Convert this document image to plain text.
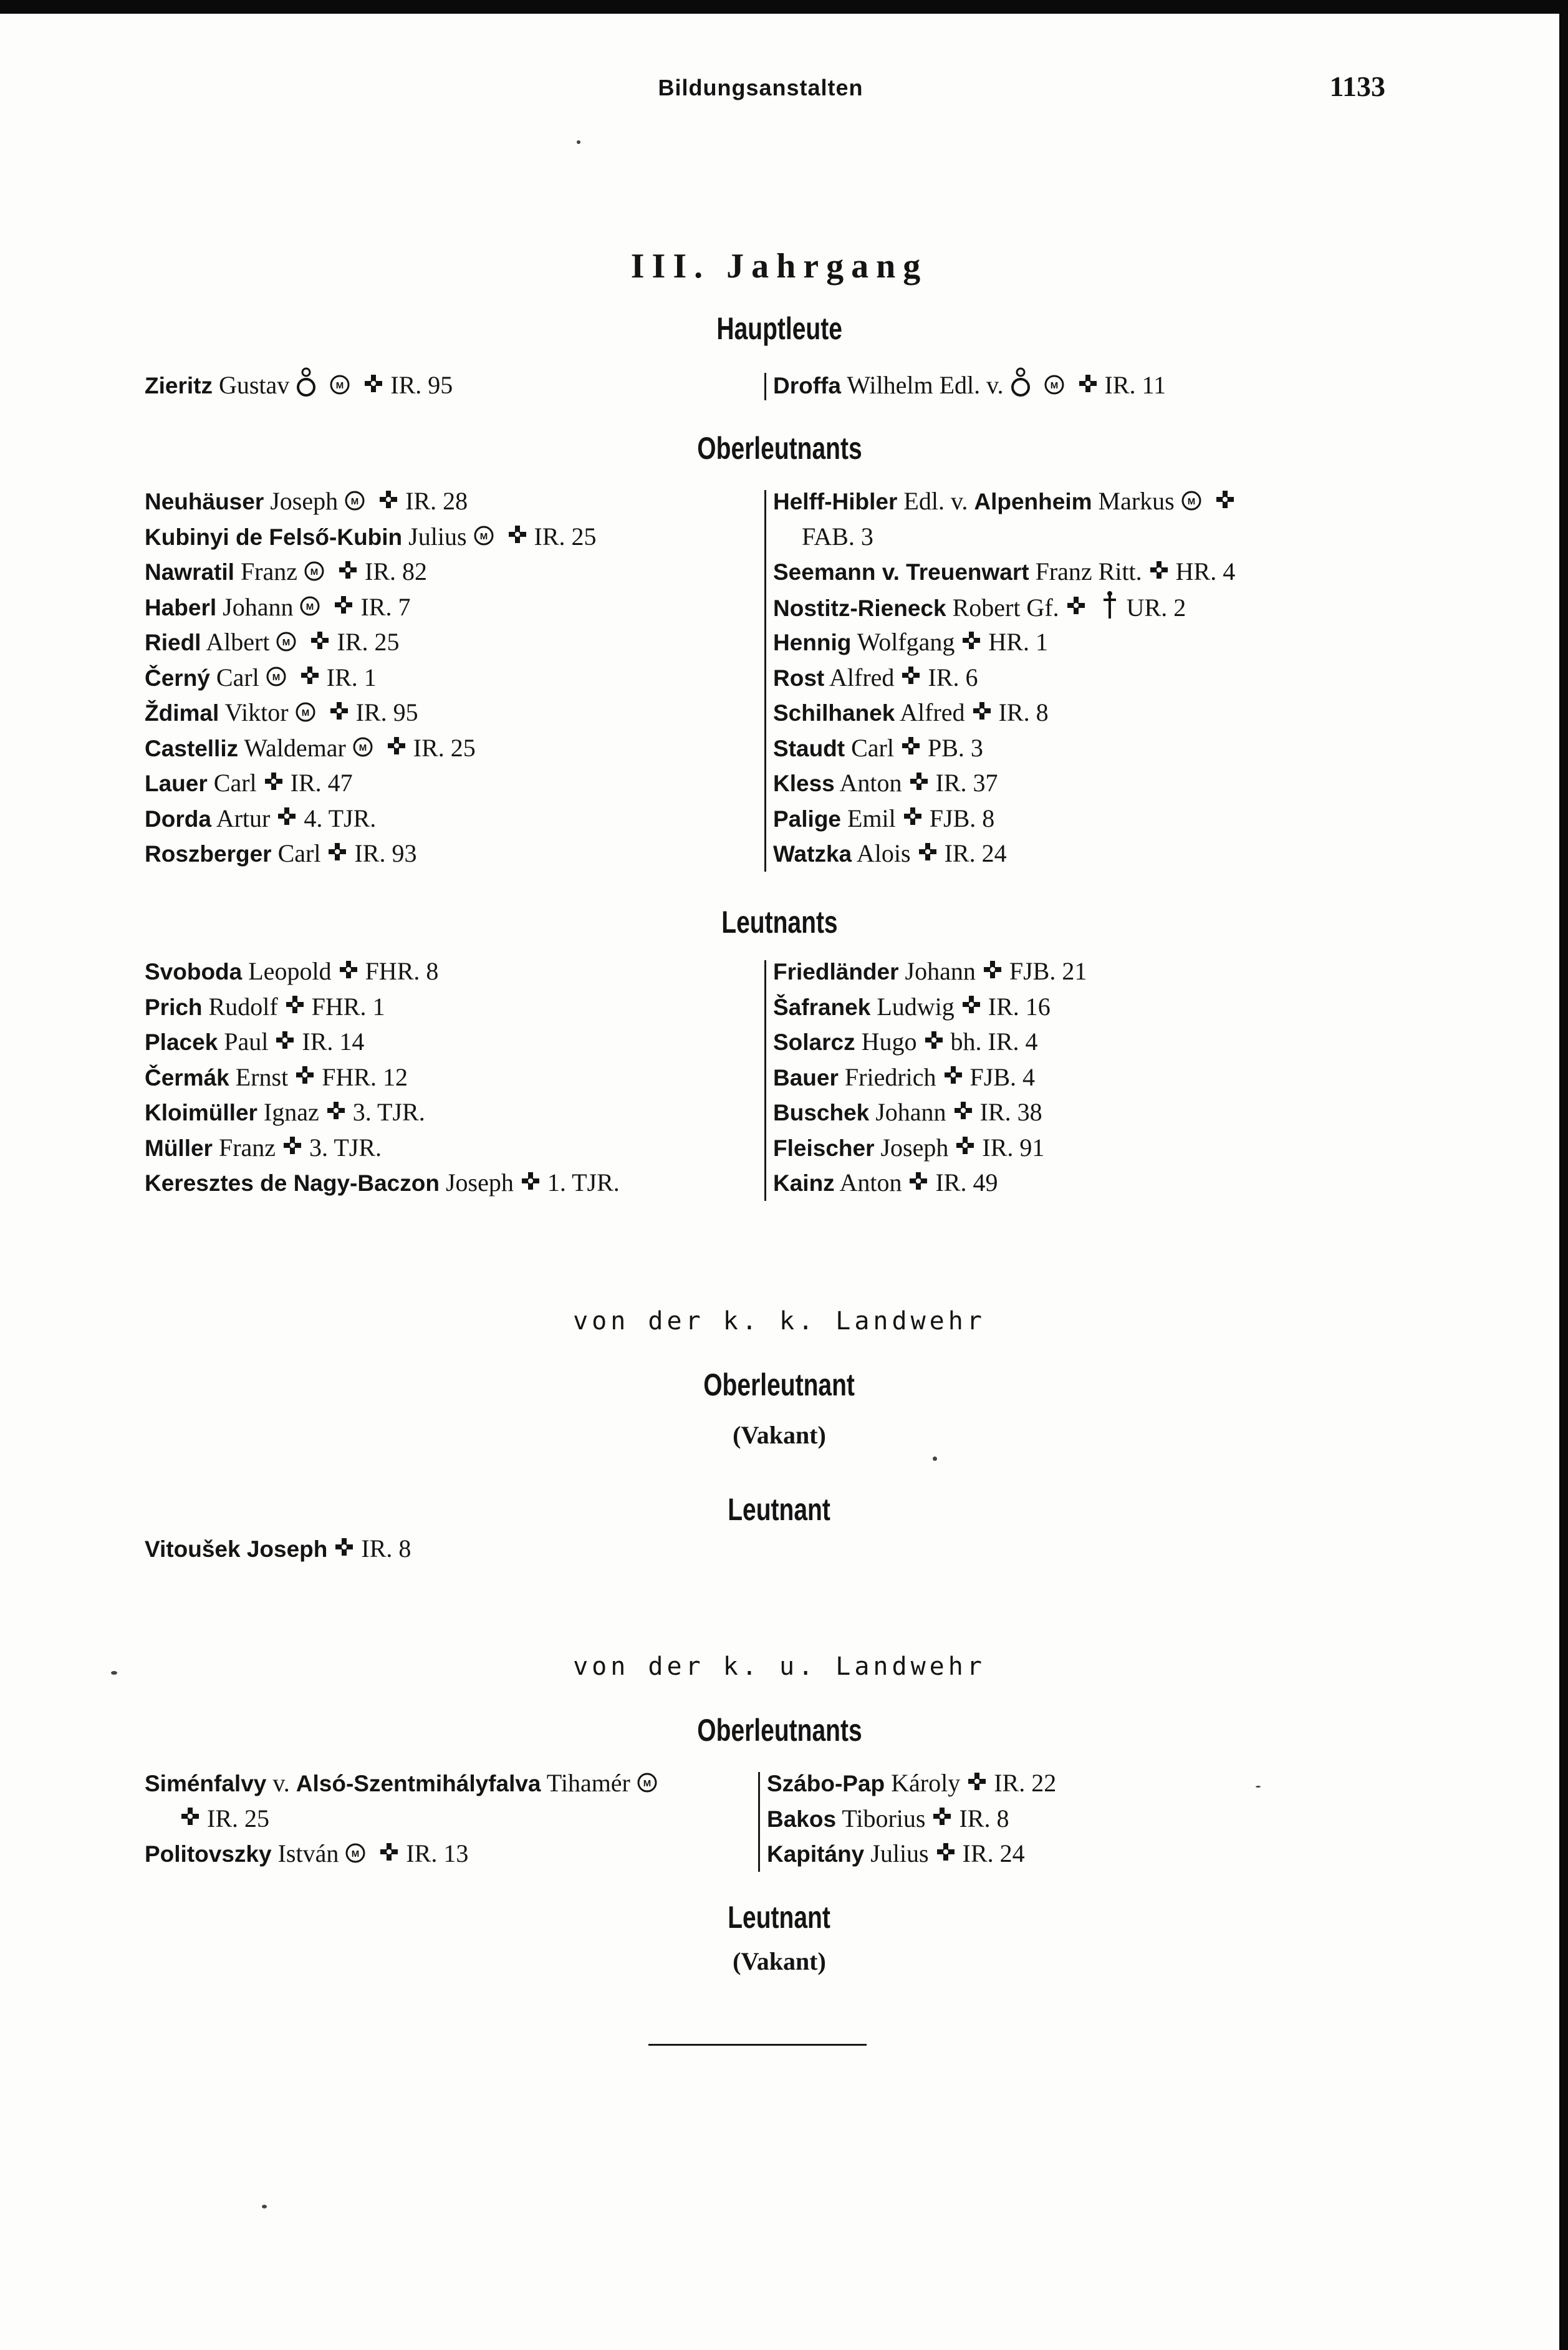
Bildungsanstalten	1133
III. Jahrgang
Hauptleute
Zieritz Gustav	M IR. 95	Droffa Wilhelm Edl. v.	M IR. 11
Oberleutnants
Neuhäuser Joseph M IR. 28
Kubinyi de Felső-Kubin Julius M IR. 25
Nawratil Franz M IR. 82
Haberl Johann M IR. 7
Riedl Albert M IR. 25
Černý Carl M IR. 1
Ždimal Viktor M IR. 95
Castelliz Waldemar M IR. 25
Lauer Carl IR. 47
Dorda Artur 4. TJR.
Roszberger Carl IR. 93
Helff-Hibler Edl. v. Alpenheim Markus M
FAB. 3
Seemann v. Treuenwart Franz Ritt. HR. 4
Nostitz-Rieneck Robert Gf.	UR. 2
Hennig Wolfgang HR. 1
Rost Alfred IR. 6
Schilhanek Alfred IR. 8
Staudt Carl PB. 3
Kless Anton IR. 37
Palige Emil FJB. 8
Watzka Alois IR. 24
Leutnants
Svoboda Leopold FHR. 8
Prich Rudolf FHR. 1
Placek Paul IR. 14
Čermák Ernst FHR. 12
Kloimüller Ignaz 3. TJR.
Müller Franz 3. TJR.
Keresztes de Nagy-Baczon Joseph 1. TJR.
Friedländer Johann FJB. 21
Šafranek Ludwig IR. 16
Solarcz Hugo bh. IR. 4
Bauer Friedrich FJB. 4
Buschek Johann IR. 38
Fleischer Joseph IR. 91
Kainz Anton IR. 49
von der k. k. Landwehr
Oberleutnant
(Vakant)
Leutnant
Vitoušek Joseph IR. 8
von der k. u. Landwehr
Oberleutnants
Siménfalvy v. Alsó-Szentmihályfalva Tihamér M
IR. 25
Politovszky István M IR. 13
Szábo-Pap Károly IR. 22
Bakos Tiborius IR. 8
Kapitány Julius IR. 24
Leutnant
(Vakant)
